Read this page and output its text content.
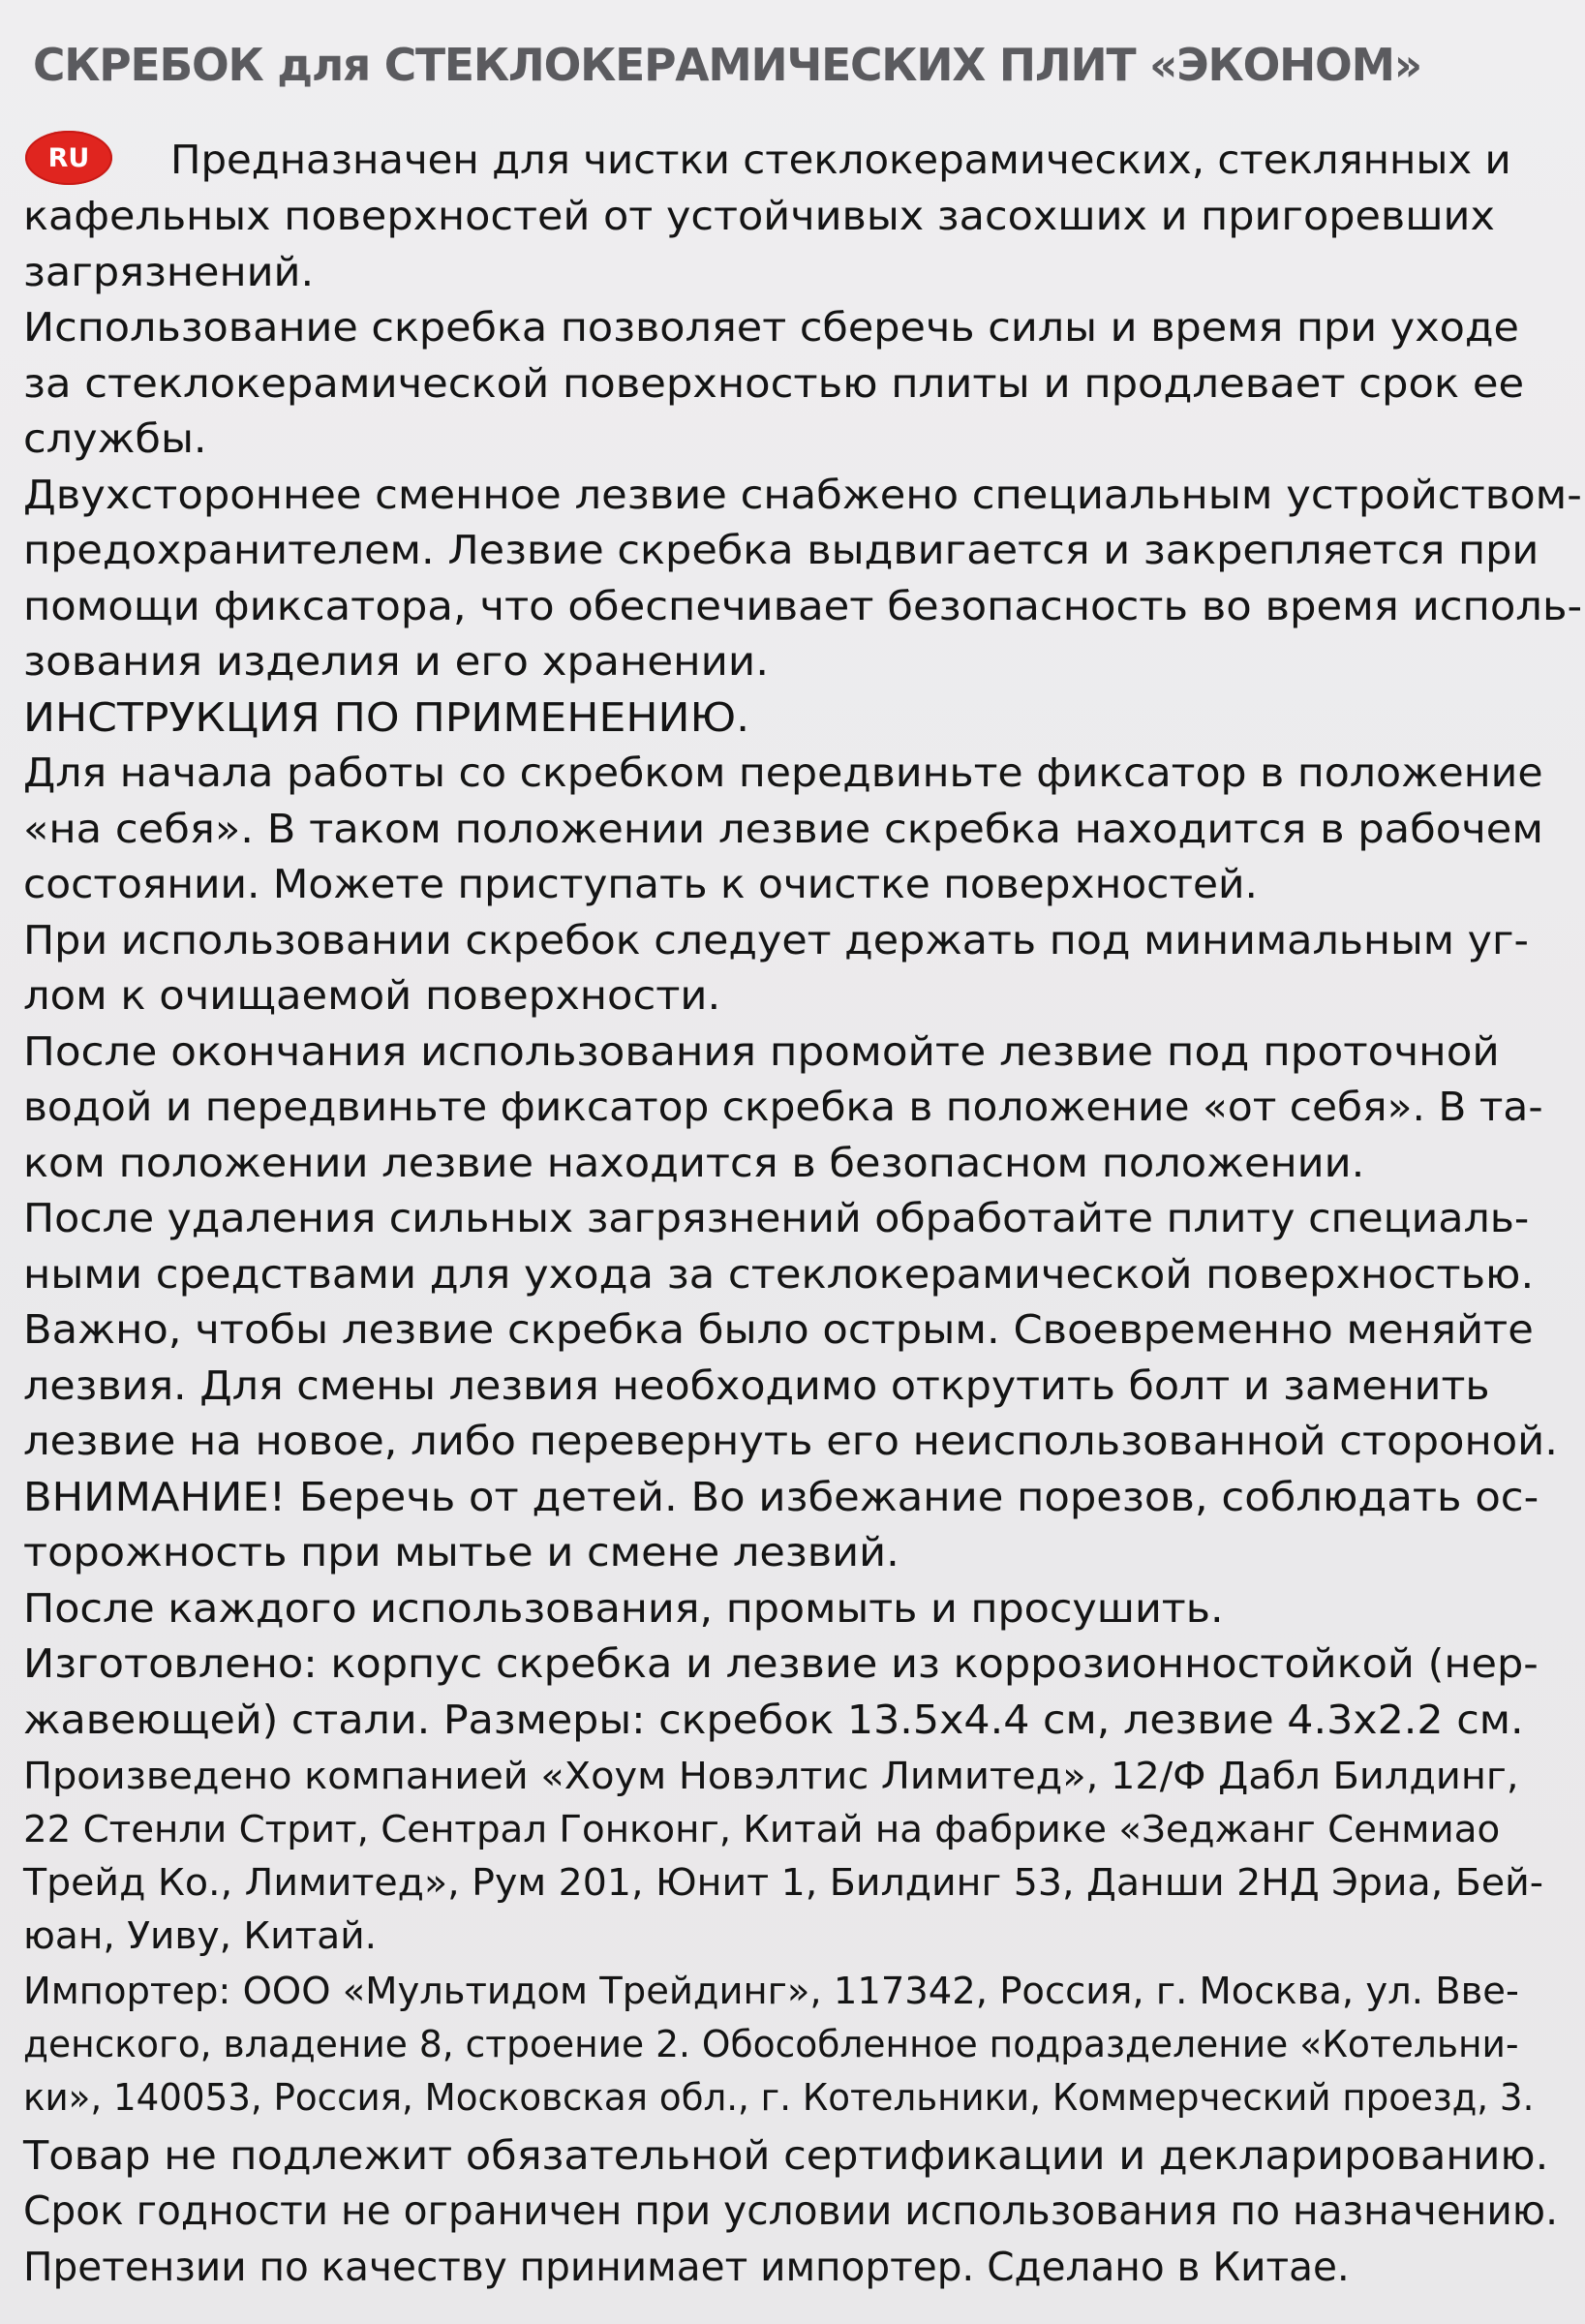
СКРЕБОК для СТЕКЛОКЕРАМИЧЕСКИХ ПЛИТ «ЭКОНОМ»
RU Предназначен для чистки стеклокерамических, стеклянных и
кафельных поверхностей от устойчивых засохших и пригоревших
загрязнений.
Использование скребка позволяет сберечь силы и время при уходе
за стеклокерамической поверхностью плиты и продлевает срок ее
службы.
Двухстороннее сменное лезвие снабжено специальным устройством-
предохранителем. Лезвие скребка выдвигается и закрепляется при
помощи фиксатора, что обеспечивает безопасность во время исполь-
зования изделия и его хранении.
ИНСТРУКЦИЯ ПО ПРИМЕНЕНИЮ.
Для начала работы со скребком передвиньте фиксатор в положение
«на себя». В таком положении лезвие скребка находится в рабочем
состоянии. Можете приступать к очистке поверхностей.
При использовании скребок следует держать под минимальным уг-
лом к очищаемой поверхности.
После окончания использования промойте лезвие под проточной
водой и передвиньте фиксатор скребка в положение «от себя». В та-
ком положении лезвие находится в безопасном положении.
После удаления сильных загрязнений обработайте плиту специаль-
ными средствами для ухода за стеклокерамической поверхностью.
Важно, чтобы лезвие скребка было острым. Своевременно меняйте
лезвия. Для смены лезвия необходимо открутить болт и заменить
лезвие на новое, либо перевернуть его неиспользованной стороной.
ВНИМАНИЕ! Беречь от детей. Во избежание порезов, соблюдать ос-
торожность при мытье и смене лезвий.
После каждого использования, промыть и просушить.
Изготовлено: корпус скребка и лезвие из коррозионностойкой (нер-
жавеющей) стали. Размеры: скребок 13.5х4.4 см, лезвие 4.3х2.2 см.
Произведено компанией «Хоум Новэлтис Лимитед», 12/Ф Дабл Билдинг,
22 Стенли Стрит, Сентрал Гонконг, Китай на фабрике «Зеджанг Сенмиао
Трейд Ко., Лимитед», Рум 201, Юнит 1, Билдинг 53, Данши 2НД Эриа, Бей-
юан, Уиву, Китай.
Импортер: ООО «Мультидом Трейдинг», 117342, Россия, г. Москва, ул. Вве-
денского, владение 8, строение 2. Обособленное подразделение «Котельни-
ки», 140053, Россия, Московская обл., г. Котельники, Коммерческий проезд, 3.
Товар не подлежит обязательной сертификации и декларированию.
Срок годности не ограничен при условии использования по назначению.
Претензии по качеству принимает импортер. Сделано в Китае.
